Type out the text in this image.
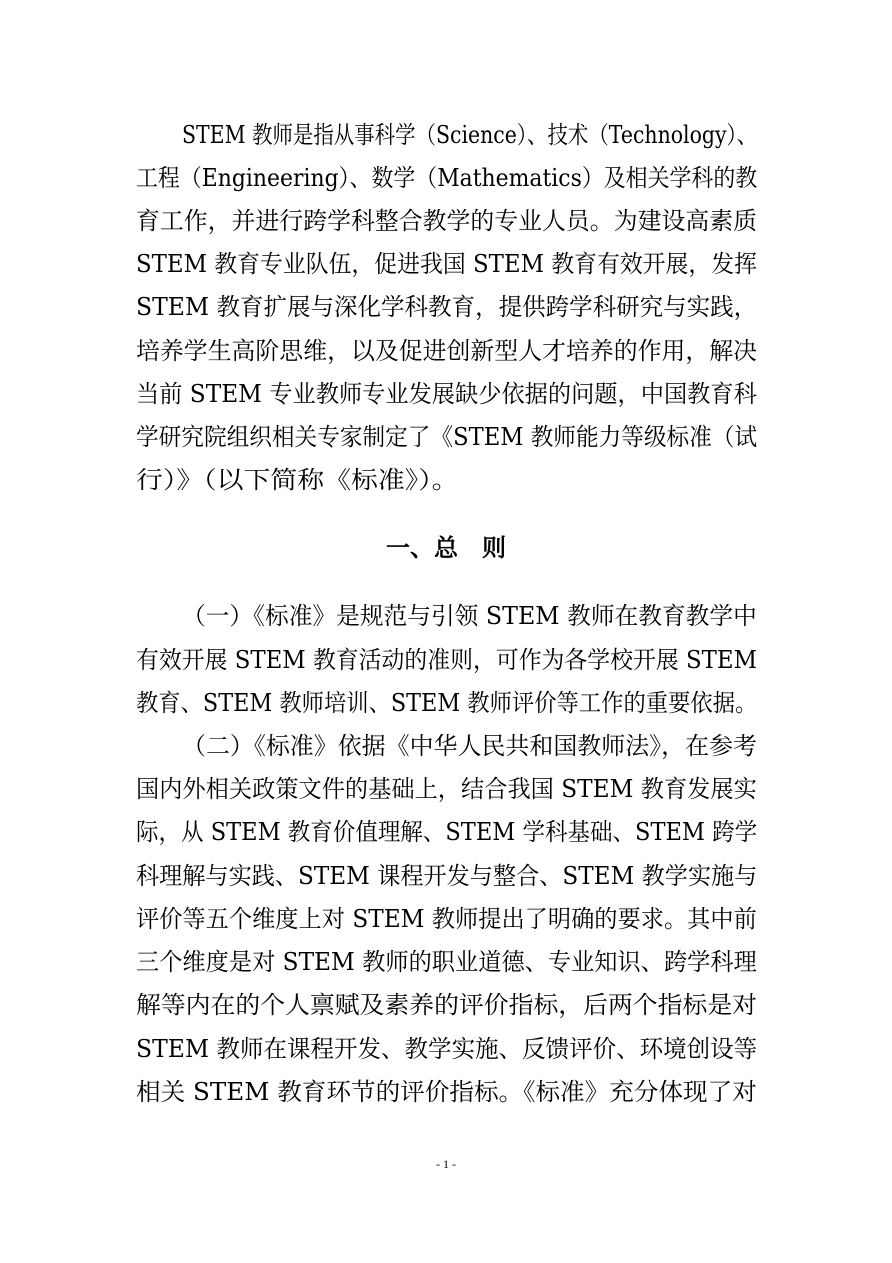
STEM 教师是指从事科学（Science）、技术（Technology）、
工程（Engineering）、数学（Mathematics）及相关学科的教
育工作，并进行跨学科整合教学的专业人员。为建设高素质
STEM 教育专业队伍，促进我国 STEM 教育有效开展，发挥
STEM 教育扩展与深化学科教育，提供跨学科研究与实践，
培养学生高阶思维，以及促进创新型人才培养的作用，解决
当前 STEM 专业教师专业发展缺少依据的问题，中国教育科
学研究院组织相关专家制定了《STEM 教师能力等级标准（试
行）》（以下简称《标准》）。
一、总　则
（一）《标准》是规范与引领 STEM 教师在教育教学中
有效开展 STEM 教育活动的准则，可作为各学校开展 STEM
教育、STEM 教师培训、STEM 教师评价等工作的重要依据。
（二）《标准》依据《中华人民共和国教师法》，在参考
国内外相关政策文件的基础上，结合我国 STEM 教育发展实
际，从 STEM 教育价值理解、STEM 学科基础、STEM 跨学
科理解与实践、STEM 课程开发与整合、STEM 教学实施与
评价等五个维度上对 STEM 教师提出了明确的要求。其中前
三个维度是对 STEM 教师的职业道德、专业知识、跨学科理
解等内在的个人禀赋及素养的评价指标，后两个指标是对
STEM 教师在课程开发、教学实施、反馈评价、环境创设等
相关 STEM 教育环节的评价指标。《标准》充分体现了对
- 1 -
